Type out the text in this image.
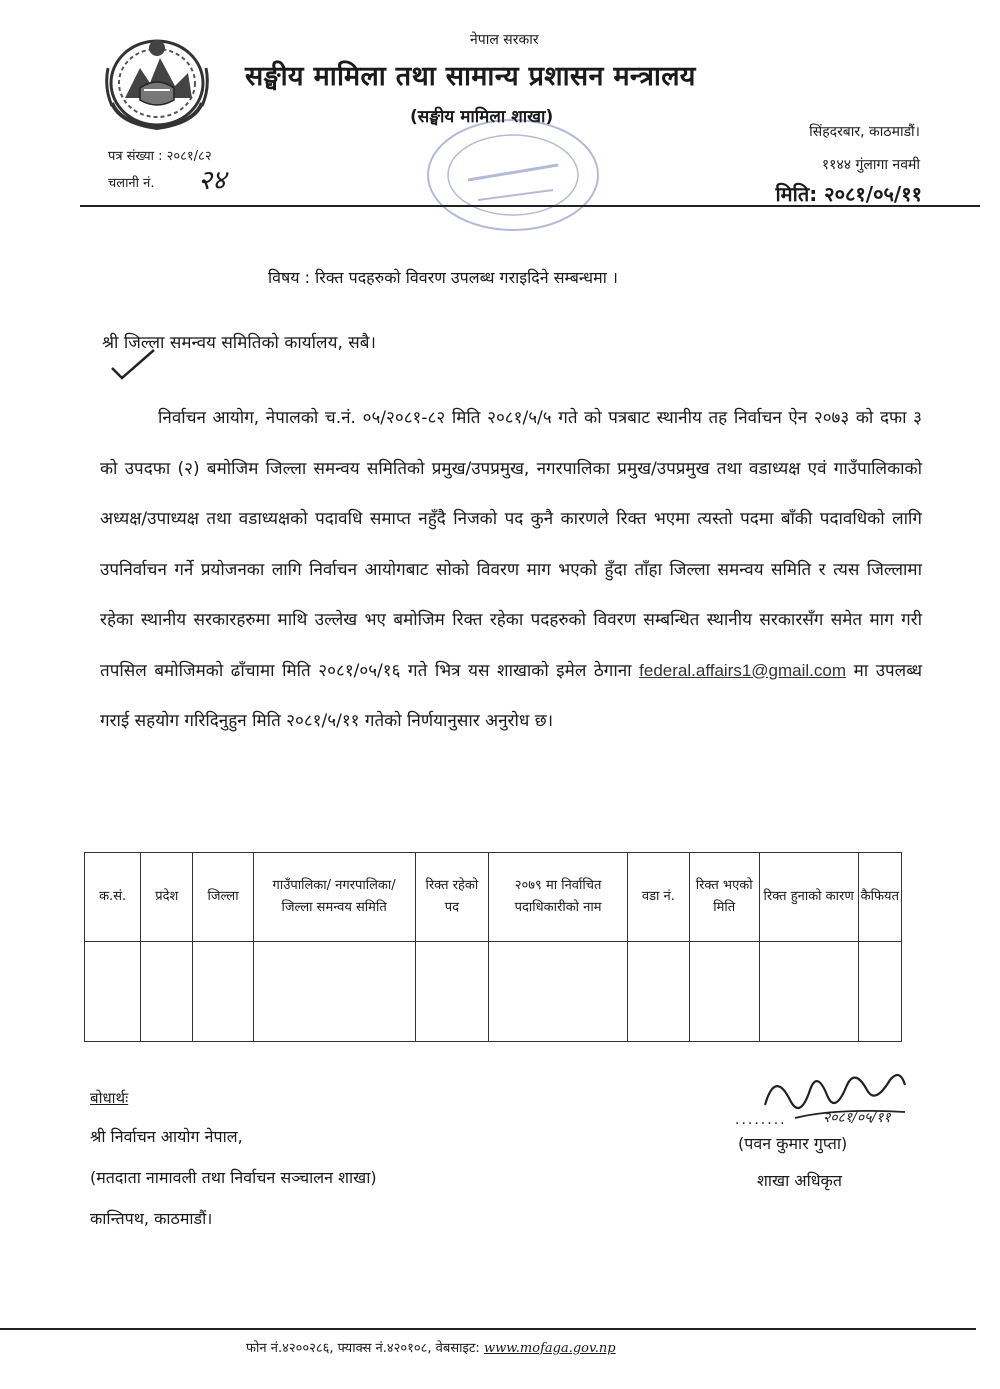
नेपाल सरकार
सङ्घीय मामिला तथा सामान्य प्रशासन मन्त्रालय
(सङ्घीय मामिला शाखा)
पत्र संख्या : २०८१/८२
चलानी नं. २४
सिंहदरबार, काठमाडौं।
११४४ गुंलागा नवमी
मिति: २०८१/०५/११
विषय : रिक्त पदहरुको विवरण उपलब्ध गराइदिने सम्बन्धमा ।
श्री जिल्ला समन्वय समितिको कार्यालय, सबै।
निर्वाचन आयोग, नेपालको च.नं. ०५/२०८१-८२ मिति २०८१/५/५ गते को पत्रबाट स्थानीय तह निर्वाचन ऐन २०७३ को दफा ३ को उपदफा (२) बमोजिम जिल्ला समन्वय समितिको प्रमुख/उपप्रमुख, नगरपालिका प्रमुख/उपप्रमुख तथा वडाध्यक्ष एवं गाउँपालिकाको अध्यक्ष/उपाध्यक्ष तथा वडाध्यक्षको पदावधि समाप्त नहुँदै निजको पद कुनै कारणले रिक्त भएमा त्यस्तो पदमा बाँकी पदावधिको लागि उपनिर्वाचन गर्ने प्रयोजनका लागि निर्वाचन आयोगबाट सोको विवरण माग भएको हुँदा ताँहा जिल्ला समन्वय समिति र त्यस जिल्लामा रहेका स्थानीय सरकारहरुमा माथि उल्लेख भए बमोजिम रिक्त रहेका पदहरुको विवरण सम्बन्धित स्थानीय सरकारसँग समेत माग गरी तपसिल बमोजिमको ढाँचामा मिति २०८१/०५/१६ गते भित्र यस शाखाको इमेल ठेगाना federal.affairs1@gmail.com मा उपलब्ध गराई सहयोग गरिदिनुहुन मिति २०८१/५/११ गतेको निर्णयानुसार अनुरोध छ।
क.सं.	प्रदेश	जिल्ला	गाउँपालिका/ नगरपालिका/ जिल्ला समन्वय समिति	रिक्त रहेको पद	२०७९ मा निर्वाचित पदाधिकारीको नाम	वडा नं.	रिक्त भएको मिति	रिक्त हुनाको कारण	कैफियत

बोधार्थः
श्री निर्वाचन आयोग नेपाल,
(मतदाता नामावली तथा निर्वाचन सञ्चालन शाखा)
कान्तिपथ, काठमाडौं।
२०८१/०५/११
........
(पवन कुमार गुप्ता)
शाखा अधिकृत
फोन नं.४२००२८६, फ्याक्स नं.४२०१०८, वेबसाइट: www.mofaga.gov.np
